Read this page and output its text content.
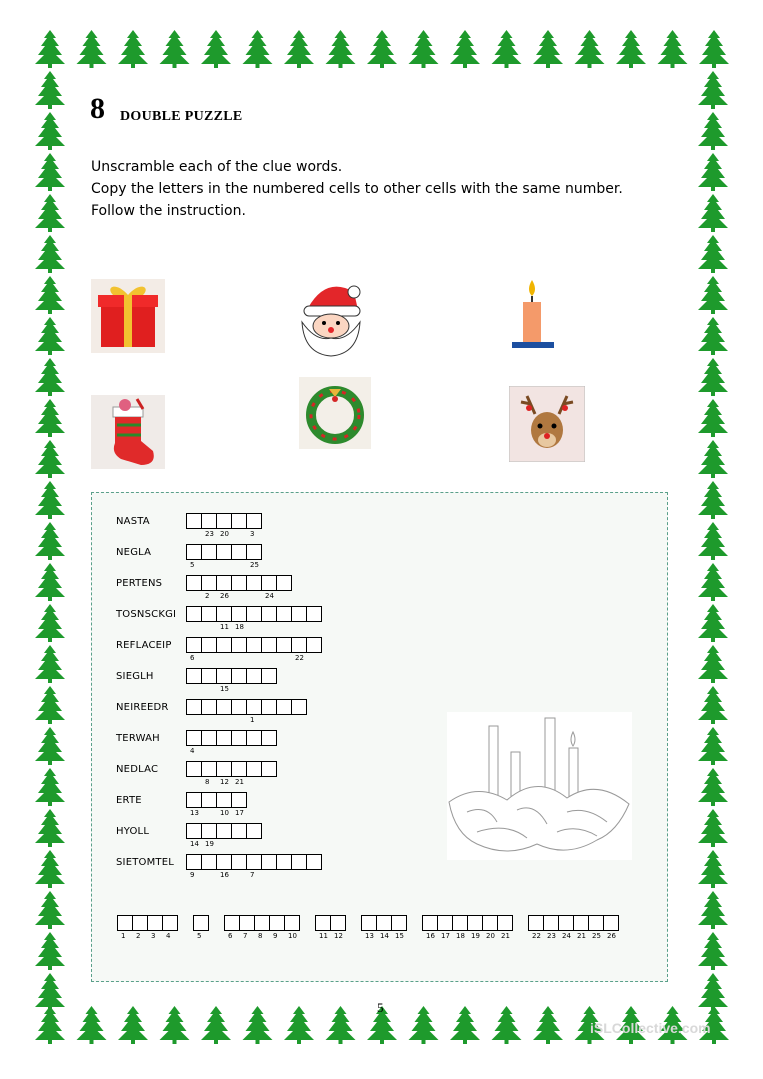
8 DOUBLE PUZZLE
Unscramble each of the clue words.
Copy the letters in the numbered cells to other cells with the same number.
Follow the instruction.
NASTA
23 20	3
NEGLA
5	25
PERTENS
2 26	24
TOSNSCKGI
11 18
REFLACEIP
6	22
SIEGLH
15
NEIREEDR
1
TERWAH
4
NEDLAC
8 12 21
ERTE
13	10 17
HYOLL
14 19
SIETOMTEL
9	16	7
1 2 3 4	5	6 7 8 9 10	11 12	13 14 15	16 17 18 19 20 21	22 23 24 21 25 26
5
iSLCollective.com
